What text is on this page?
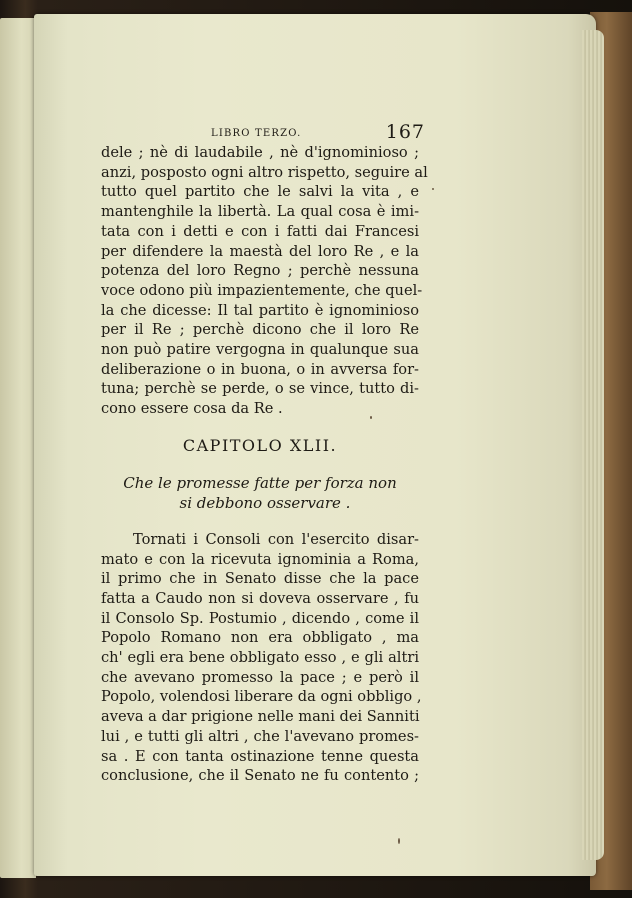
LIBRO TERZO.	167
dele ; nè di laudabile , nè d'ignominioso ;
anzi, posposto ogni altro rispetto, seguire al
tutto quel partito che le salvi la vita , e
mantenghile la libertà. La qual cosa è imi-
tata con i detti e con i fatti dai Francesi
per difendere la maestà del loro Re , e la
potenza del loro Regno ; perchè nessuna
voce odono più impazientemente, che quel-
la che dicesse: Il tal partito è ignominioso
per il Re ; perchè dicono che il loro Re
non può patire vergogna in qualunque sua
deliberazione o in buona, o in avversa for-
tuna; perchè se perde, o se vince, tutto di-
cono essere cosa da Re .
CAPITOLO XLII.
Che le promesse fatte per forza non
si debbono osservare .
Tornati i Consoli con l'esercito disar-
mato e con la ricevuta ignominia a Roma,
il primo che in Senato disse che la pace
fatta a Caudo non si doveva osservare , fu
il Consolo Sp. Postumio , dicendo , come il
Popolo Romano non era obbligato , ma
ch' egli era bene obbligato esso , e gli altri
che avevano promesso la pace ; e però il
Popolo, volendosi liberare da ogni obbligo ,
aveva a dar prigione nelle mani dei Sanniti
lui , e tutti gli altri , che l'avevano promes-
sa . E con tanta ostinazione tenne questa
conclusione, che il Senato ne fu contento ;
